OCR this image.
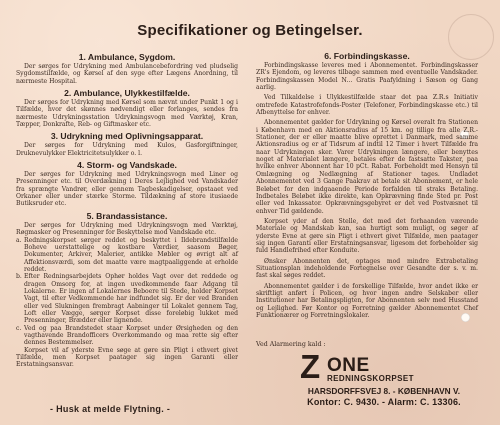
Specifikationer og Betingelser.
1. Ambulance, Sygdom.

Der sørges for Udrykning med Ambulancebefordring ved pludselig Sygdomstilfælde, og Kørsel af den syge efter Lægens Anordning, til nærmeste Hospital.

2. Ambulance, Ulykkestilfælde.

Der sørges for Udrykning med Kørsel som nævnt under Punkt 1 og i Tilfælde, hvor det skønnes nødvendigt eller forlanges, sendes fra nærmeste Udrykningsstation Udrykningsvogn med Værktøj, Kran, Tæpper, Donkrafte, Reb- og Giftmasker etc.

3. Udrykning med Oplivningsapparat.

Der sørges for Udrykning med Kulos, Gasforgiftninger, Druknevulykker Elektricitetsulykker o. l.

4. Storm- og Vandskade.

Der sørges for Udrykning med Udrykningsvogn med Liner og Presenninger etc. til Overdækning i Deres Lejlighed ved Vandskader fra sprængte Vandrør, eller gennem Tagbeskadigelser, opstaaet ved Orkaner eller under stærke Storme. Tildækning af store itusiaede Butiksruder etc.

5. Brandassistance.

Der sørges for Udrykning med Udrykningsvogn med Værktøj, Røgmasker og Presenninger for Beskyttelse mod Vandskade etc.

a. Redningskorpset sørger reddet og beskyttet i Ildebrandstilfælde Boheve uerstattelige og kostbare Værdier, saasom Bøger, Dokumenter, Arkiver, Malerier, antikke Møbler og øvrigt alt af Affektionsværdi, som det maatte være magtpaaliggende at erholde reddet.

b. Efter Redningsarbejdets Ophør holdes Vagt over det reddede og dragen Omsorg for, at ingen uvedkommende faar Adgang til Lokalerne. Er ingen af Lokalernes Beboere til Stede, holder Korpset Vagt, til efter Vedkommende har indfundet sig. Er der ved Branden eller ved Slukningen frembragt Aabninger til Lokalet gennem Tag, Loft eller Vægge, sørger Korpset disse foreløbig lukket med Presenninger, Brædder eller lignende.

c. Ved og paa Brandstedet staar Korpset under Ørsigheden og den vagthavende Brandofficers Overkommando og maa rette sig efter dennes Bestemmelser.

Korpset vil af yderste Evne søge at gøre sin Pligt i ethvert givet Tilfælde, men Korpset paatager sig ingen Garanti eller Erstatningsansvar.

6. Forbindingskasse.

Forbindingskasse leveres med i Abonnementet. Forbindingskasser ZR's Ejendom, og leveres tilbage sammen med eventuelle Vandskader. Forbindingskassen Model N... Gratis Paafyldning i Sæson og Gang aarlig.

Ved Tilkaldelse i Ulykkestilfælde staar det paa Z.R.s Initiativ omtrefede Katastrofefonds-Poster (Telefoner, Forbindingskasse etc.) til Afbenyttelse for enhver.

Abonnementet gælder for Udrykning og Kørsel overalt fra Stationen i København med en Aktionsradius af 15 km. og tillige fra alle Z.R.-Stationer, der er eller maatte blive oprettet i Danmark, med samme Aktionsradius og er af Tidsrum af indtil 12 Timer i hvert Tilfælde fra naar Udrykningen sker. Varer Udrykningen længere, eller benyttes noget af Materialet længere, betales efter de fastsatte Takster, paa hvilke enhver Abonnent har 10 pCt. Rabat. Forbeholdt med Hensyn til Omlægning og Nedlægning af Stationer tages. Undladet Abonnementet ved 3 Gange Paakrav at betale sit Abonnement, er hele Beløbet for den indgaaende Periode forfalden til straks Betaling. Indbetales Beløbet ikke direkte, kan Opkrævning finde Sted pr. Post eller ved Inkassator. Opkrævningsgebyret er det ved Postvæsnet til enhver Tid gældende.

Korpset yder af den Stelle, det med det forhaanden værende Materiale og Mandskab kan, saa hurtigt som muligt, og søger af yderste Evne at gøre sin Pligt i ethvert givet Tilfælde, men paatager sig ingen Garanti eller Erstatningsansvar, ligesom det forbeholder sig fuld Handlefrihed efter Konduite.

Ønsker Abonnenten det, optages mod mindre Extrabetaling Situationsplan indeholdende Fortegnelse over Gesandte der s. v. m. fast skal søges reddet.

Abonnementet gælder i de forskellige Tilfælde, hvor andet ikke er skriftligt anført i Policen, og hvor ingen andre Selskaber eller Institutioner har Betalingspligten, for Abonnenten selv med Husstand og Lejlighed. Før Kontor og Forretning gælder Abonnementet Chef Funktionærer og Forretningslokaler.

Ved Alarmering kald :
Z ONE
REDNINGSKORPSET
HARSDORFFSVEJ 8. - KØBENHAVN V.
Kontor: C. 9430. - Alarm: C. 13306.
- Husk at melde Flytning. -
